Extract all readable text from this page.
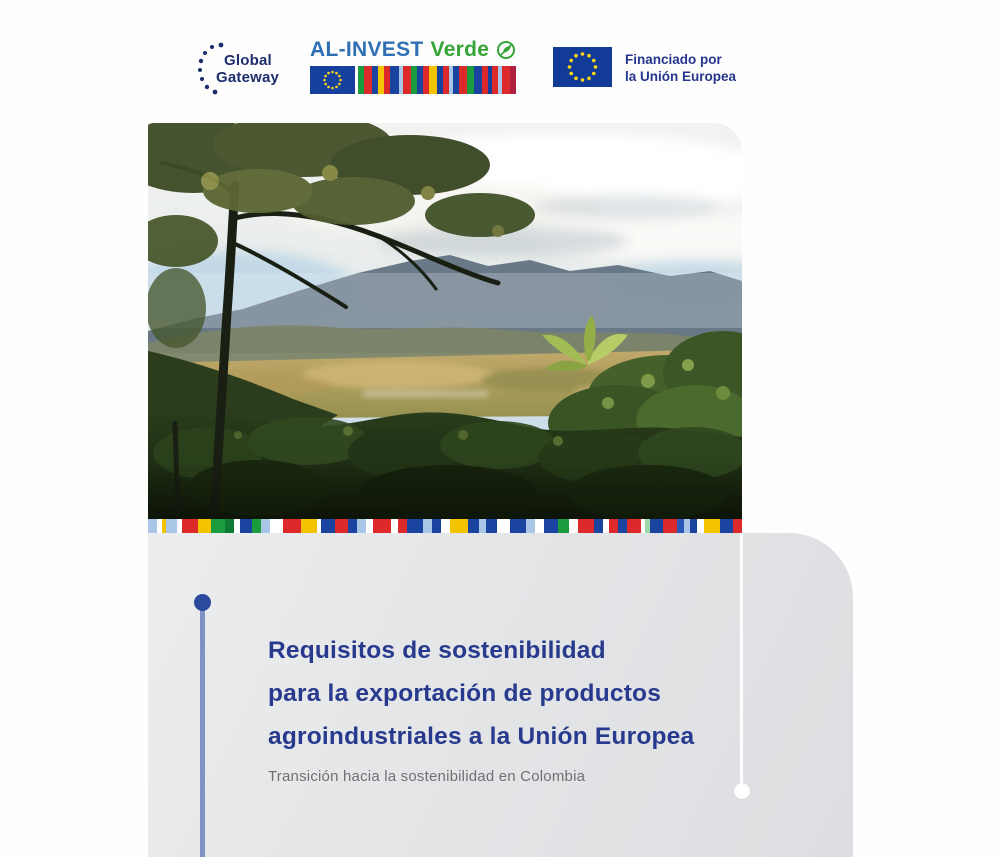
Global
Gateway
AL-INVEST Verde	Financiado por
la Unión Europea
Requisitos de sostenibilidad
para la exportación de productos
agroindustriales a la Unión Europea
Transición hacia la sostenibilidad en Colombia
